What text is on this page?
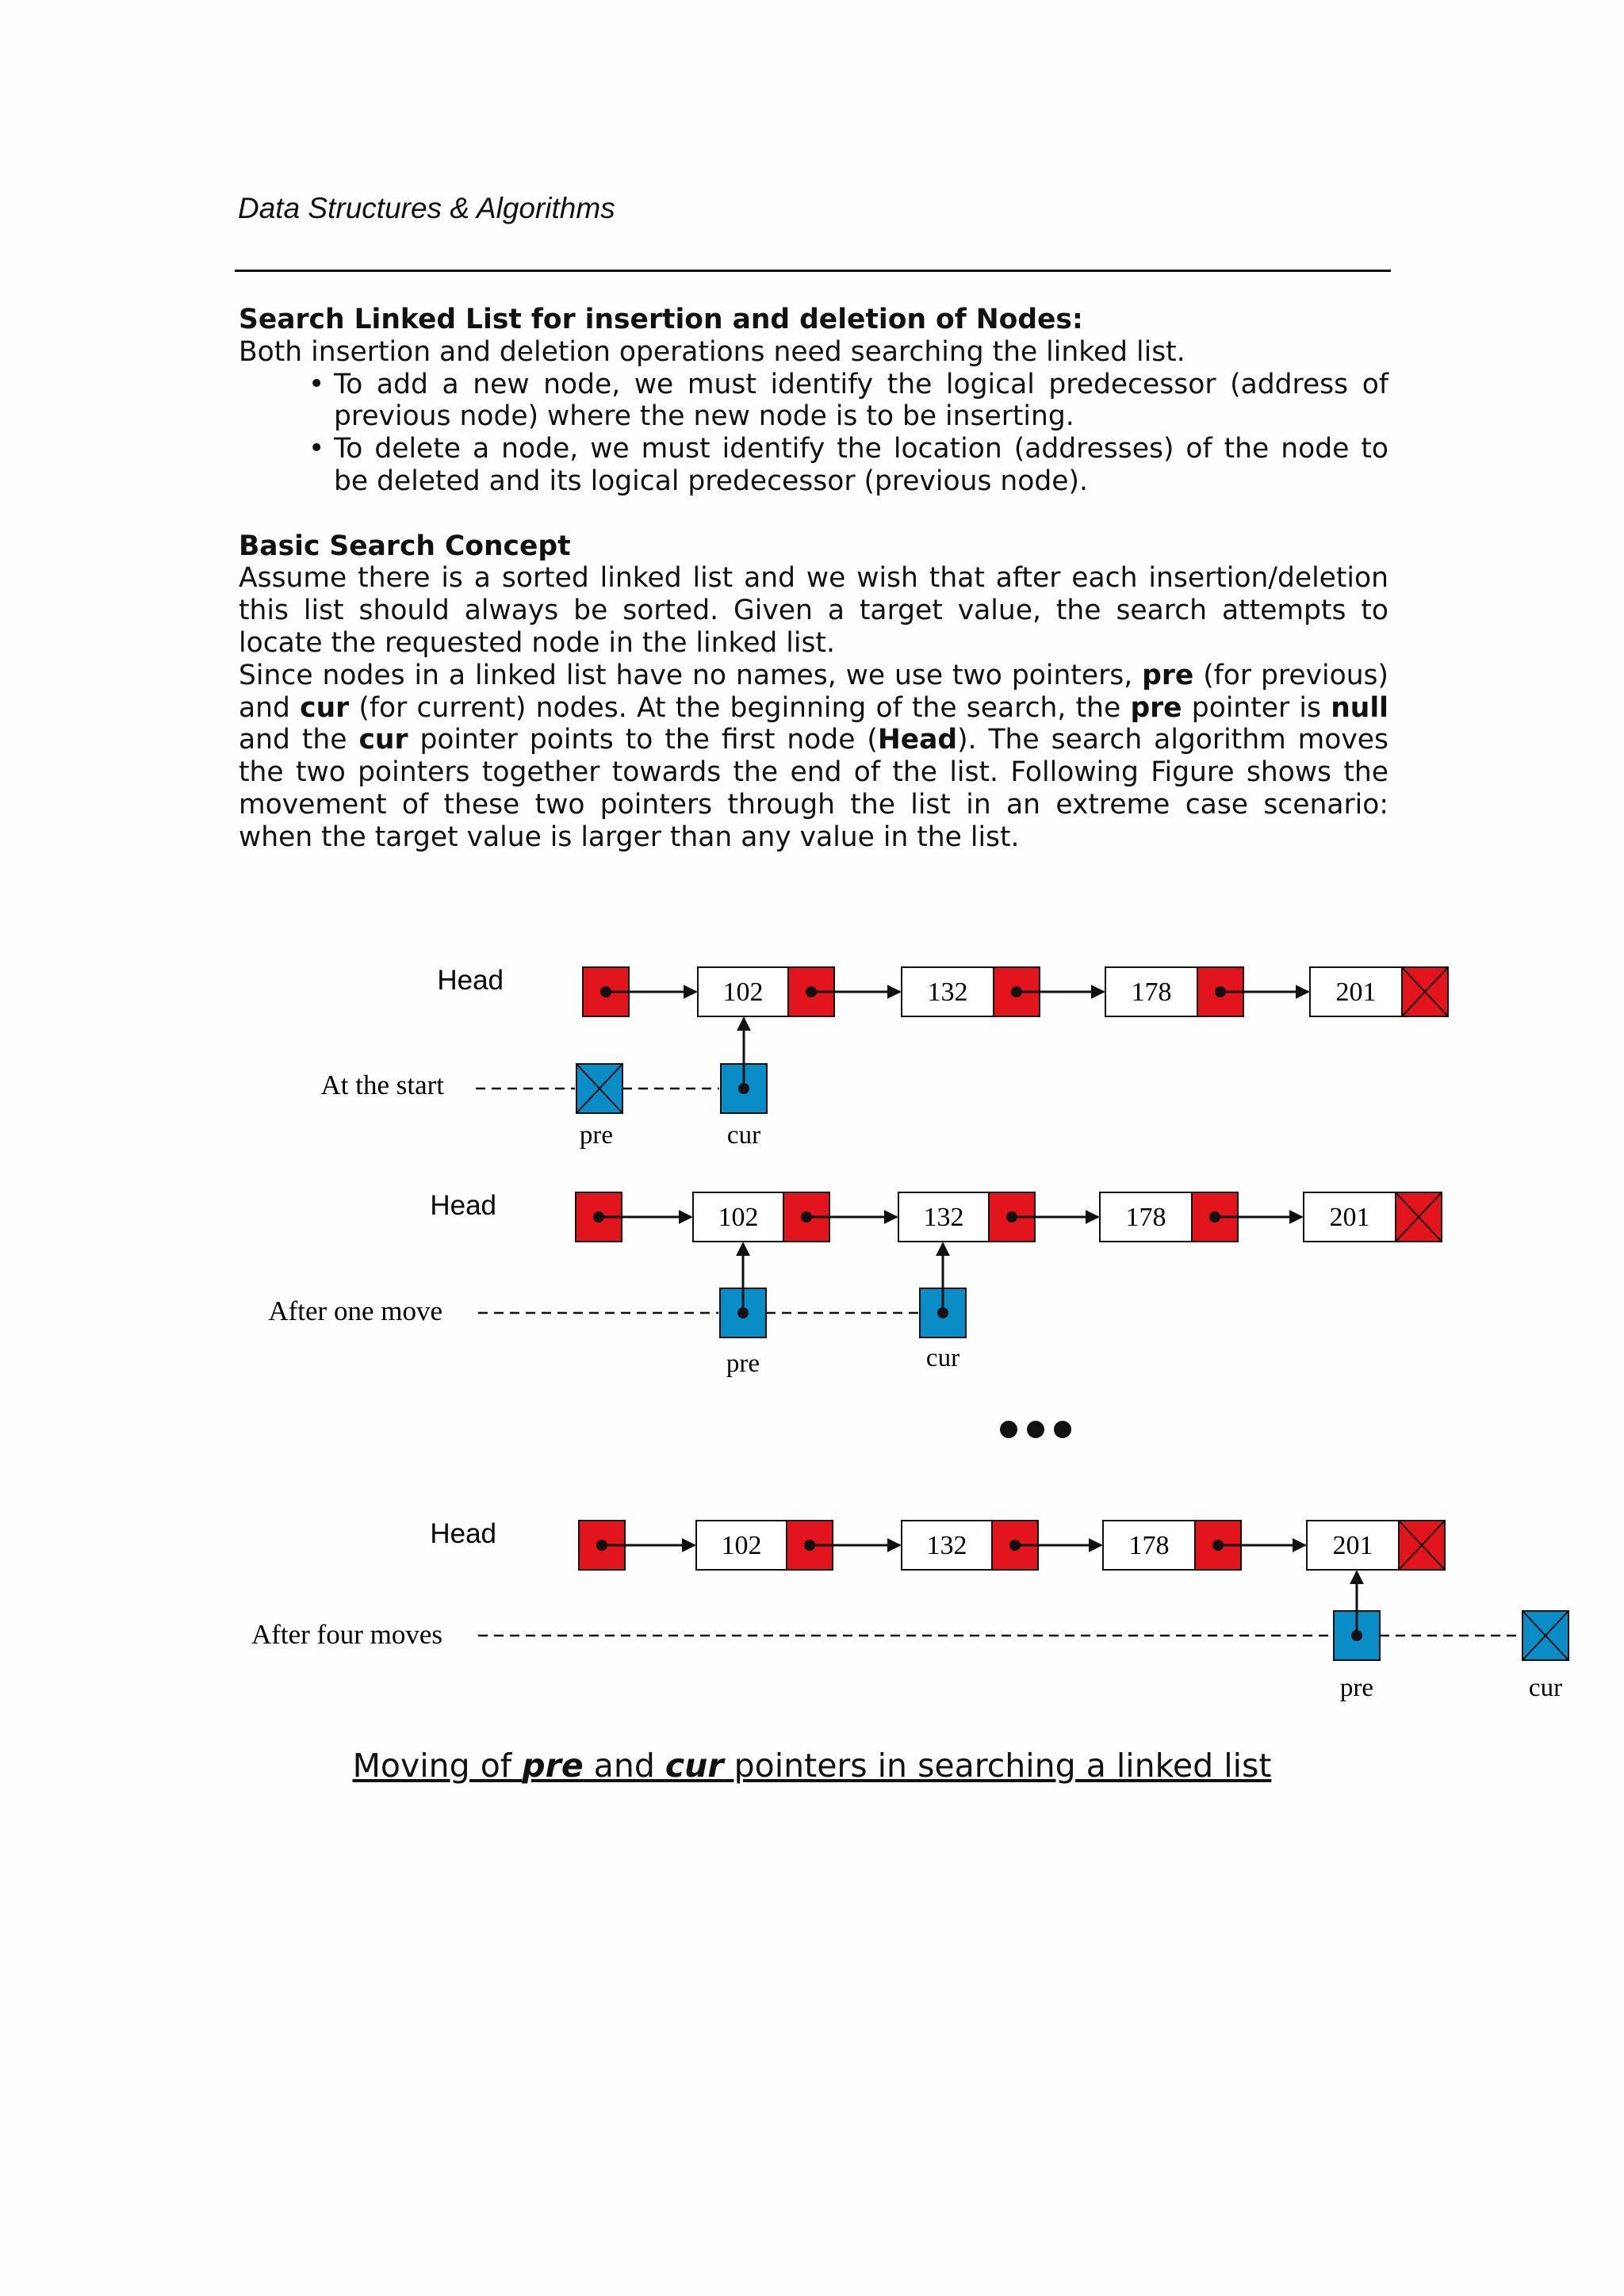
Data Structures & Algorithms
Search Linked List for insertion and deletion of Nodes:

Both insertion and deletion operations need searching the linked list.

• To add a new node, we must identify the logical predecessor (address of previous node) where the new node is to be inserting.
• To delete a node, we must identify the location (addresses) of the node to be deleted and its logical predecessor (previous node).
Basic Search Concept

Assume there is a sorted linked list and we wish that after each insertion/deletion this list should always be sorted. Given a target value, the search attempts to locate the requested node in the linked list.

Since nodes in a linked list have no names, we use two pointers, pre (for previous) and cur (for current) nodes. At the beginning of the search, the pre pointer is null and the cur pointer points to the first node (Head). The search algorithm moves the two pointers together towards the end of the list. Following Figure shows the movement of these two pointers through the list in an extreme case scenario: when the target value is larger than any value in the list.

Head	102	132	178	201
At the start
pre	cur
Head	102	132	178	201
After one move
pre	cur
Head	102	132	178	201
After four moves
pre	cur
Moving of pre and cur pointers in searching a linked list
